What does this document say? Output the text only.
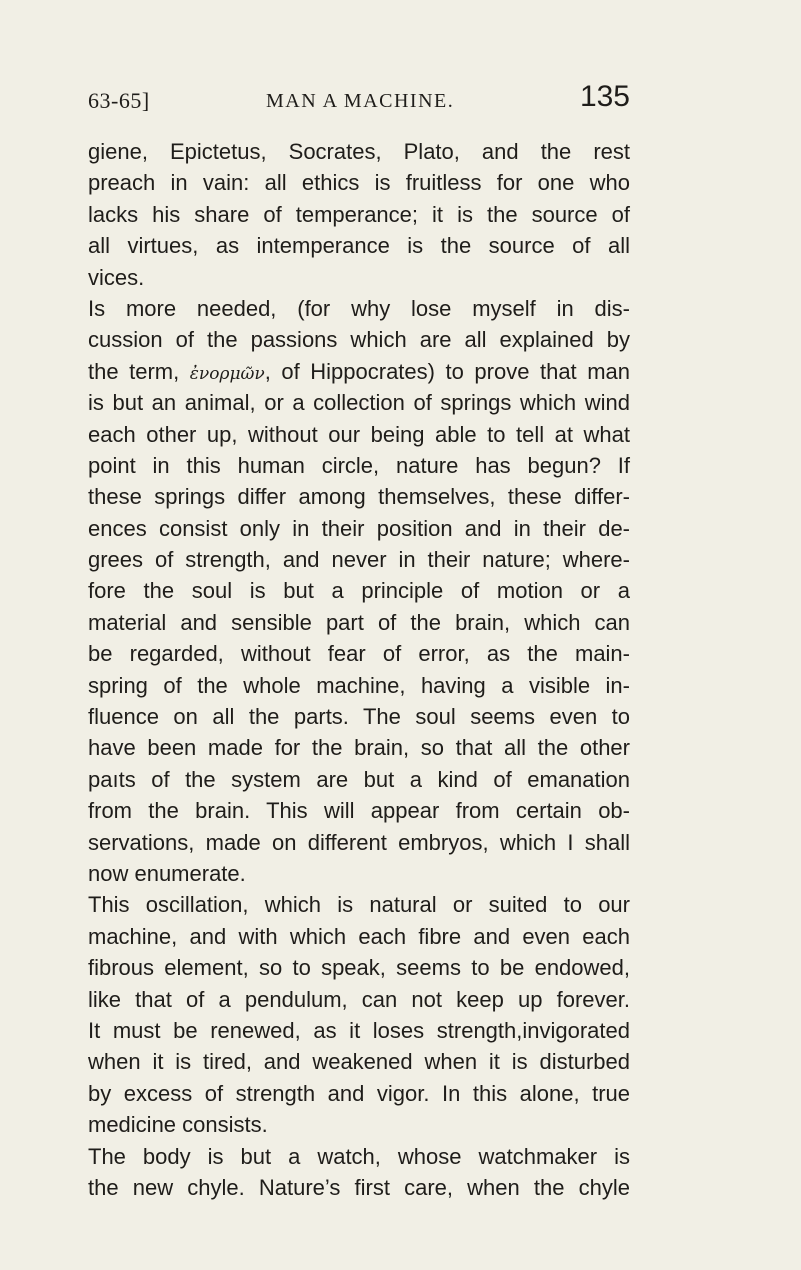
63-65]	MAN A MACHINE.	135
giene, Epictetus, Socrates, Plato, and the rest
preach in vain: all ethics is fruitless for one who
lacks his share of temperance; it is the source of
all virtues, as intemperance is the source of all
vices.
Is more needed, (for why lose myself in dis-
cussion of the passions which are all explained by
the term, ἐνορμῶν, of Hippocrates) to prove that man
is but an animal, or a collection of springs which wind
each other up, without our being able to tell at what
point in this human circle, nature has begun? If
these springs differ among themselves, these differ-
ences consist only in their position and in their de-
grees of strength, and never in their nature; where-
fore the soul is but a principle of motion or a
material and sensible part of the brain, which can
be regarded, without fear of error, as the main-
spring of the whole machine, having a visible in-
fluence on all the parts. The soul seems even to
have been made for the brain, so that all the other
paıts of the system are but a kind of emanation
from the brain. This will appear from certain ob-
servations, made on different embryos, which I shall
now enumerate.
This oscillation, which is natural or suited to our
machine, and with which each fibre and even each
fibrous element, so to speak, seems to be endowed,
like that of a pendulum, can not keep up forever.
It must be renewed, as it loses strength,invigorated
when it is tired, and weakened when it is disturbed
by excess of strength and vigor. In this alone, true
medicine consists.
The body is but a watch, whose watchmaker is
the new chyle. Nature’s first care, when the chyle
